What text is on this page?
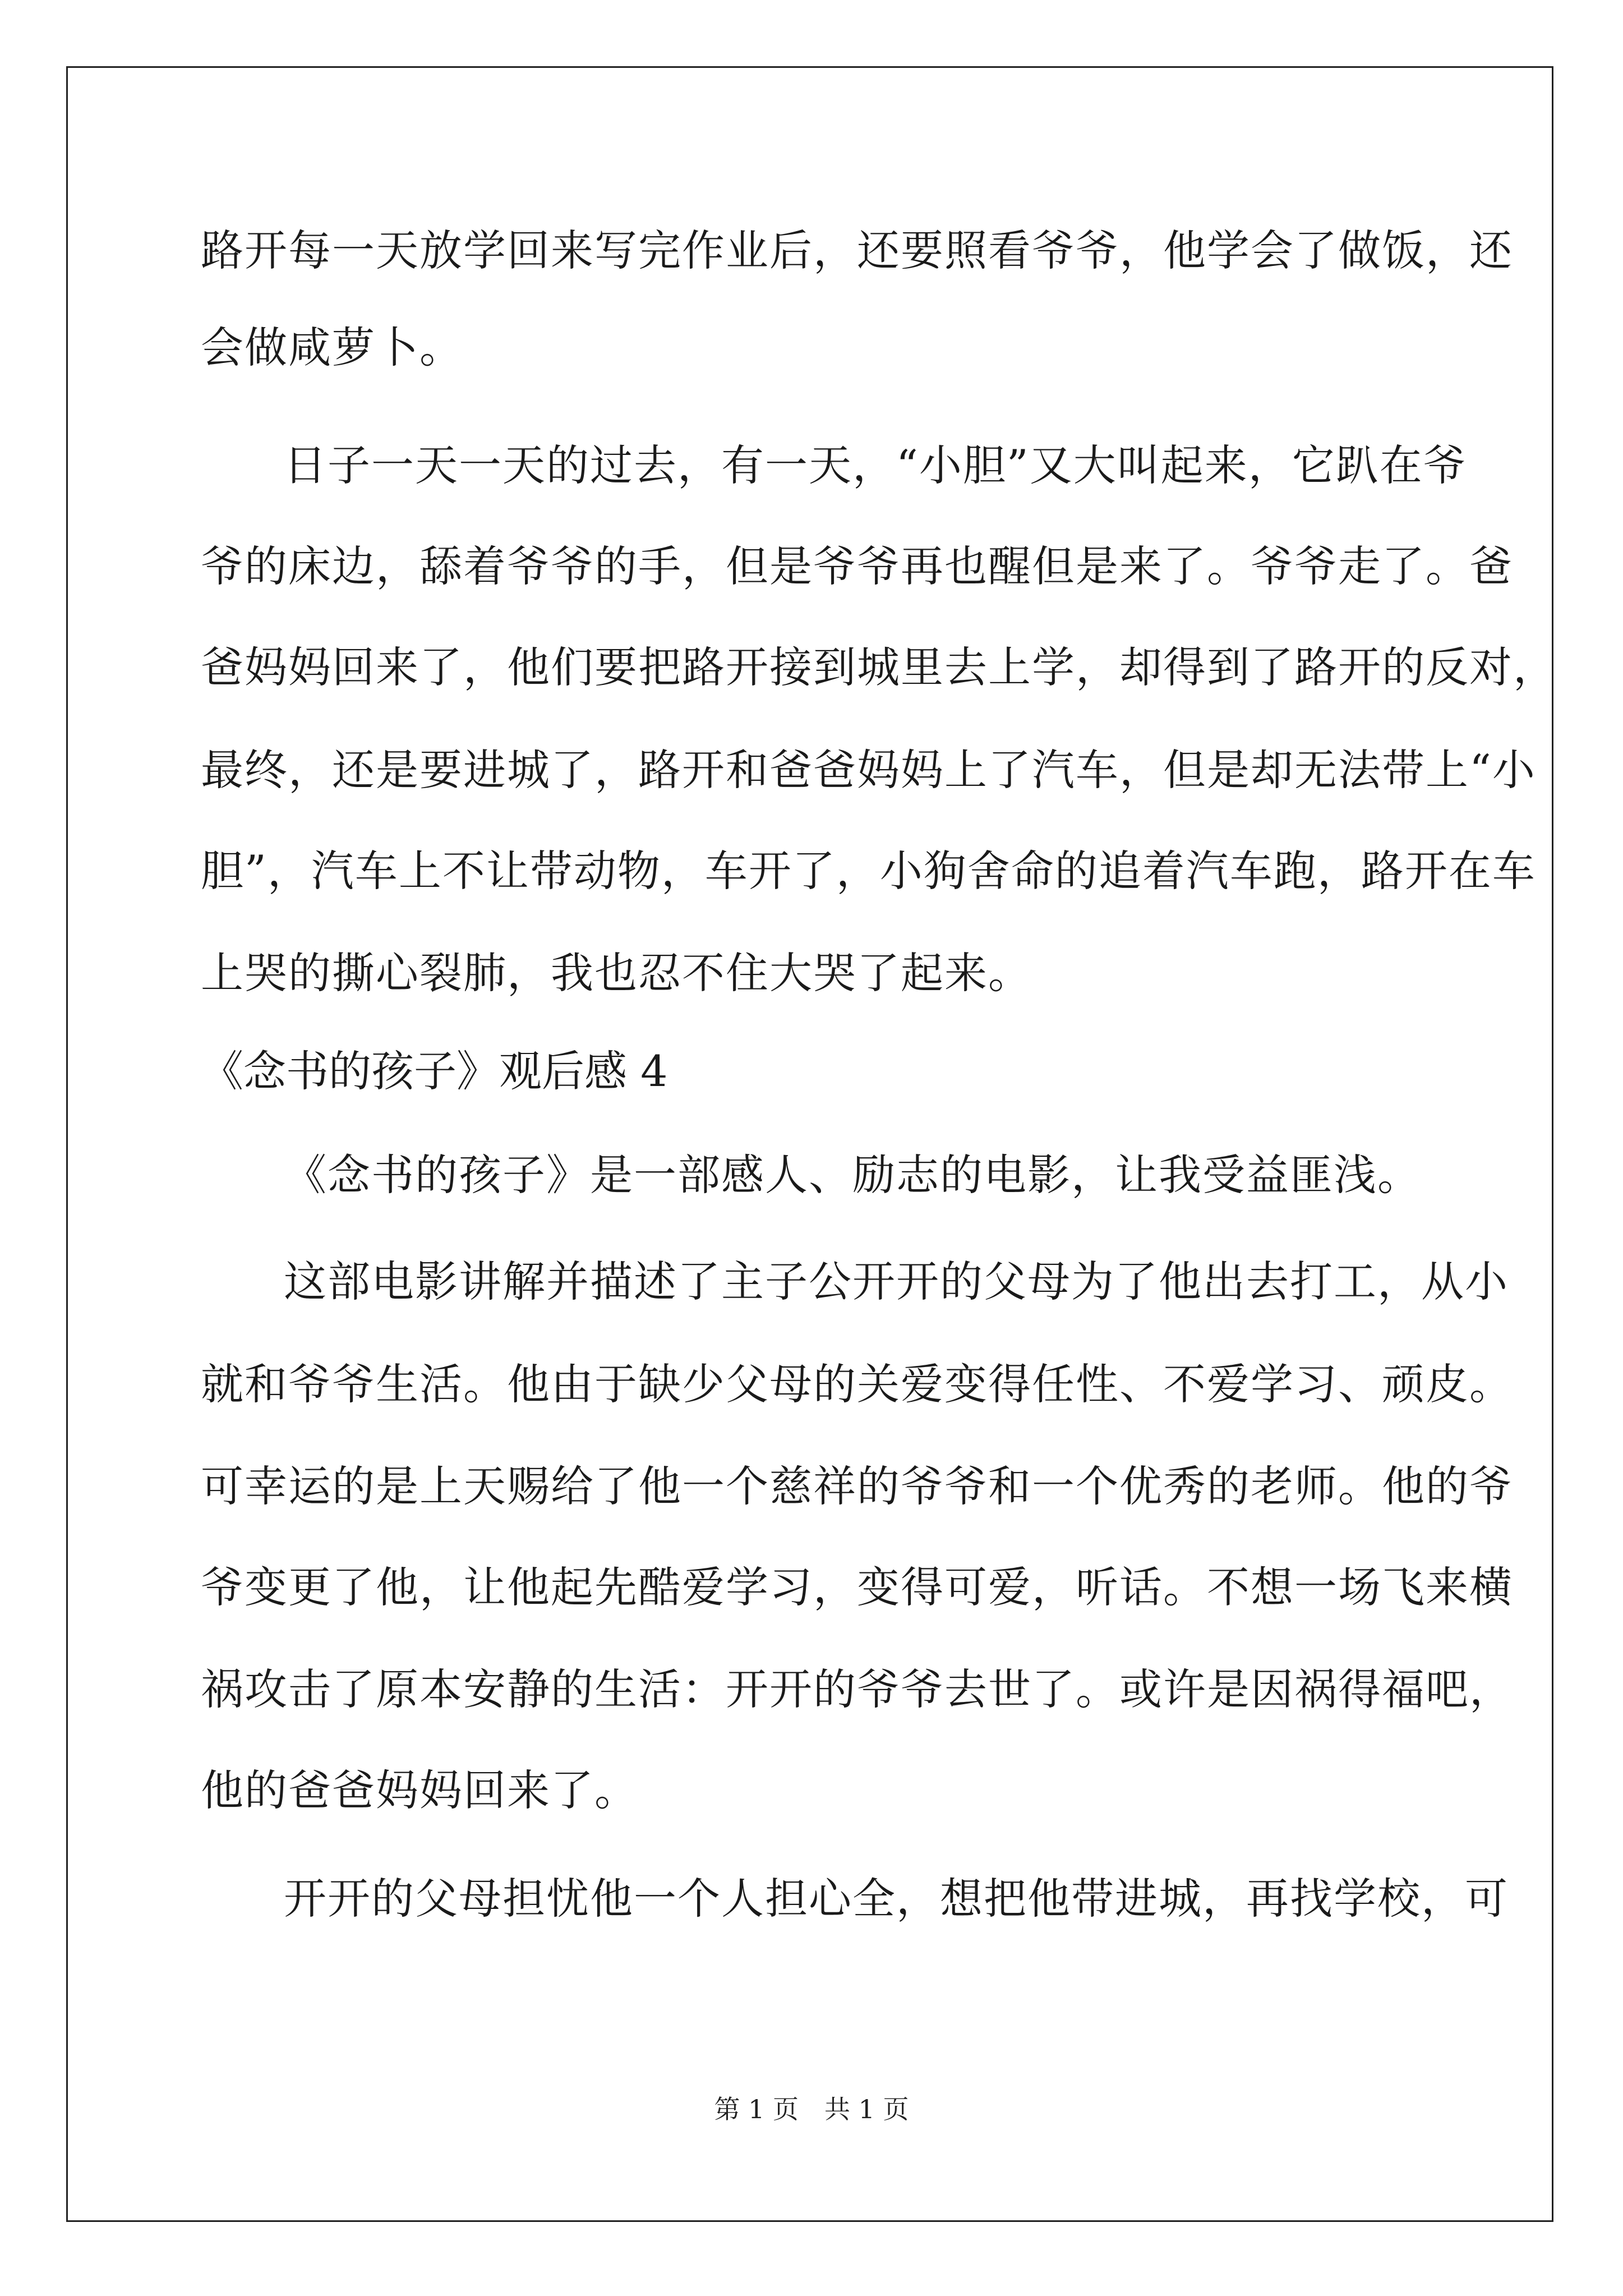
路开每一天放学回来写完作业后，还要照看爷爷，他学会了做饭，还
会做咸萝卜。
日子一天一天的过去，有一天，“小胆”又大叫起来，它趴在爷
爷的床边，舔着爷爷的手，但是爷爷再也醒但是来了。爷爷走了。爸
爸妈妈回来了，他们要把路开接到城里去上学，却得到了路开的反对，
最终，还是要进城了，路开和爸爸妈妈上了汽车，但是却无法带上“小
胆”，汽车上不让带动物，车开了，小狗舍命的追着汽车跑，路开在车
上哭的撕心裂肺，我也忍不住大哭了起来。
《念书的孩子》观后感 4
《念书的孩子》是一部感人、励志的电影，让我受益匪浅。
这部电影讲解并描述了主子公开开的父母为了他出去打工，从小
就和爷爷生活。他由于缺少父母的关爱变得任性、不爱学习、顽皮。
可幸运的是上天赐给了他一个慈祥的爷爷和一个优秀的老师。他的爷
爷变更了他，让他起先酷爱学习，变得可爱，听话。不想一场飞来横
祸攻击了原本安静的生活：开开的爷爷去世了。或许是因祸得福吧，
他的爸爸妈妈回来了。
开开的父母担忧他一个人担心全，想把他带进城，再找学校，可
第 1 页　共 1 页
